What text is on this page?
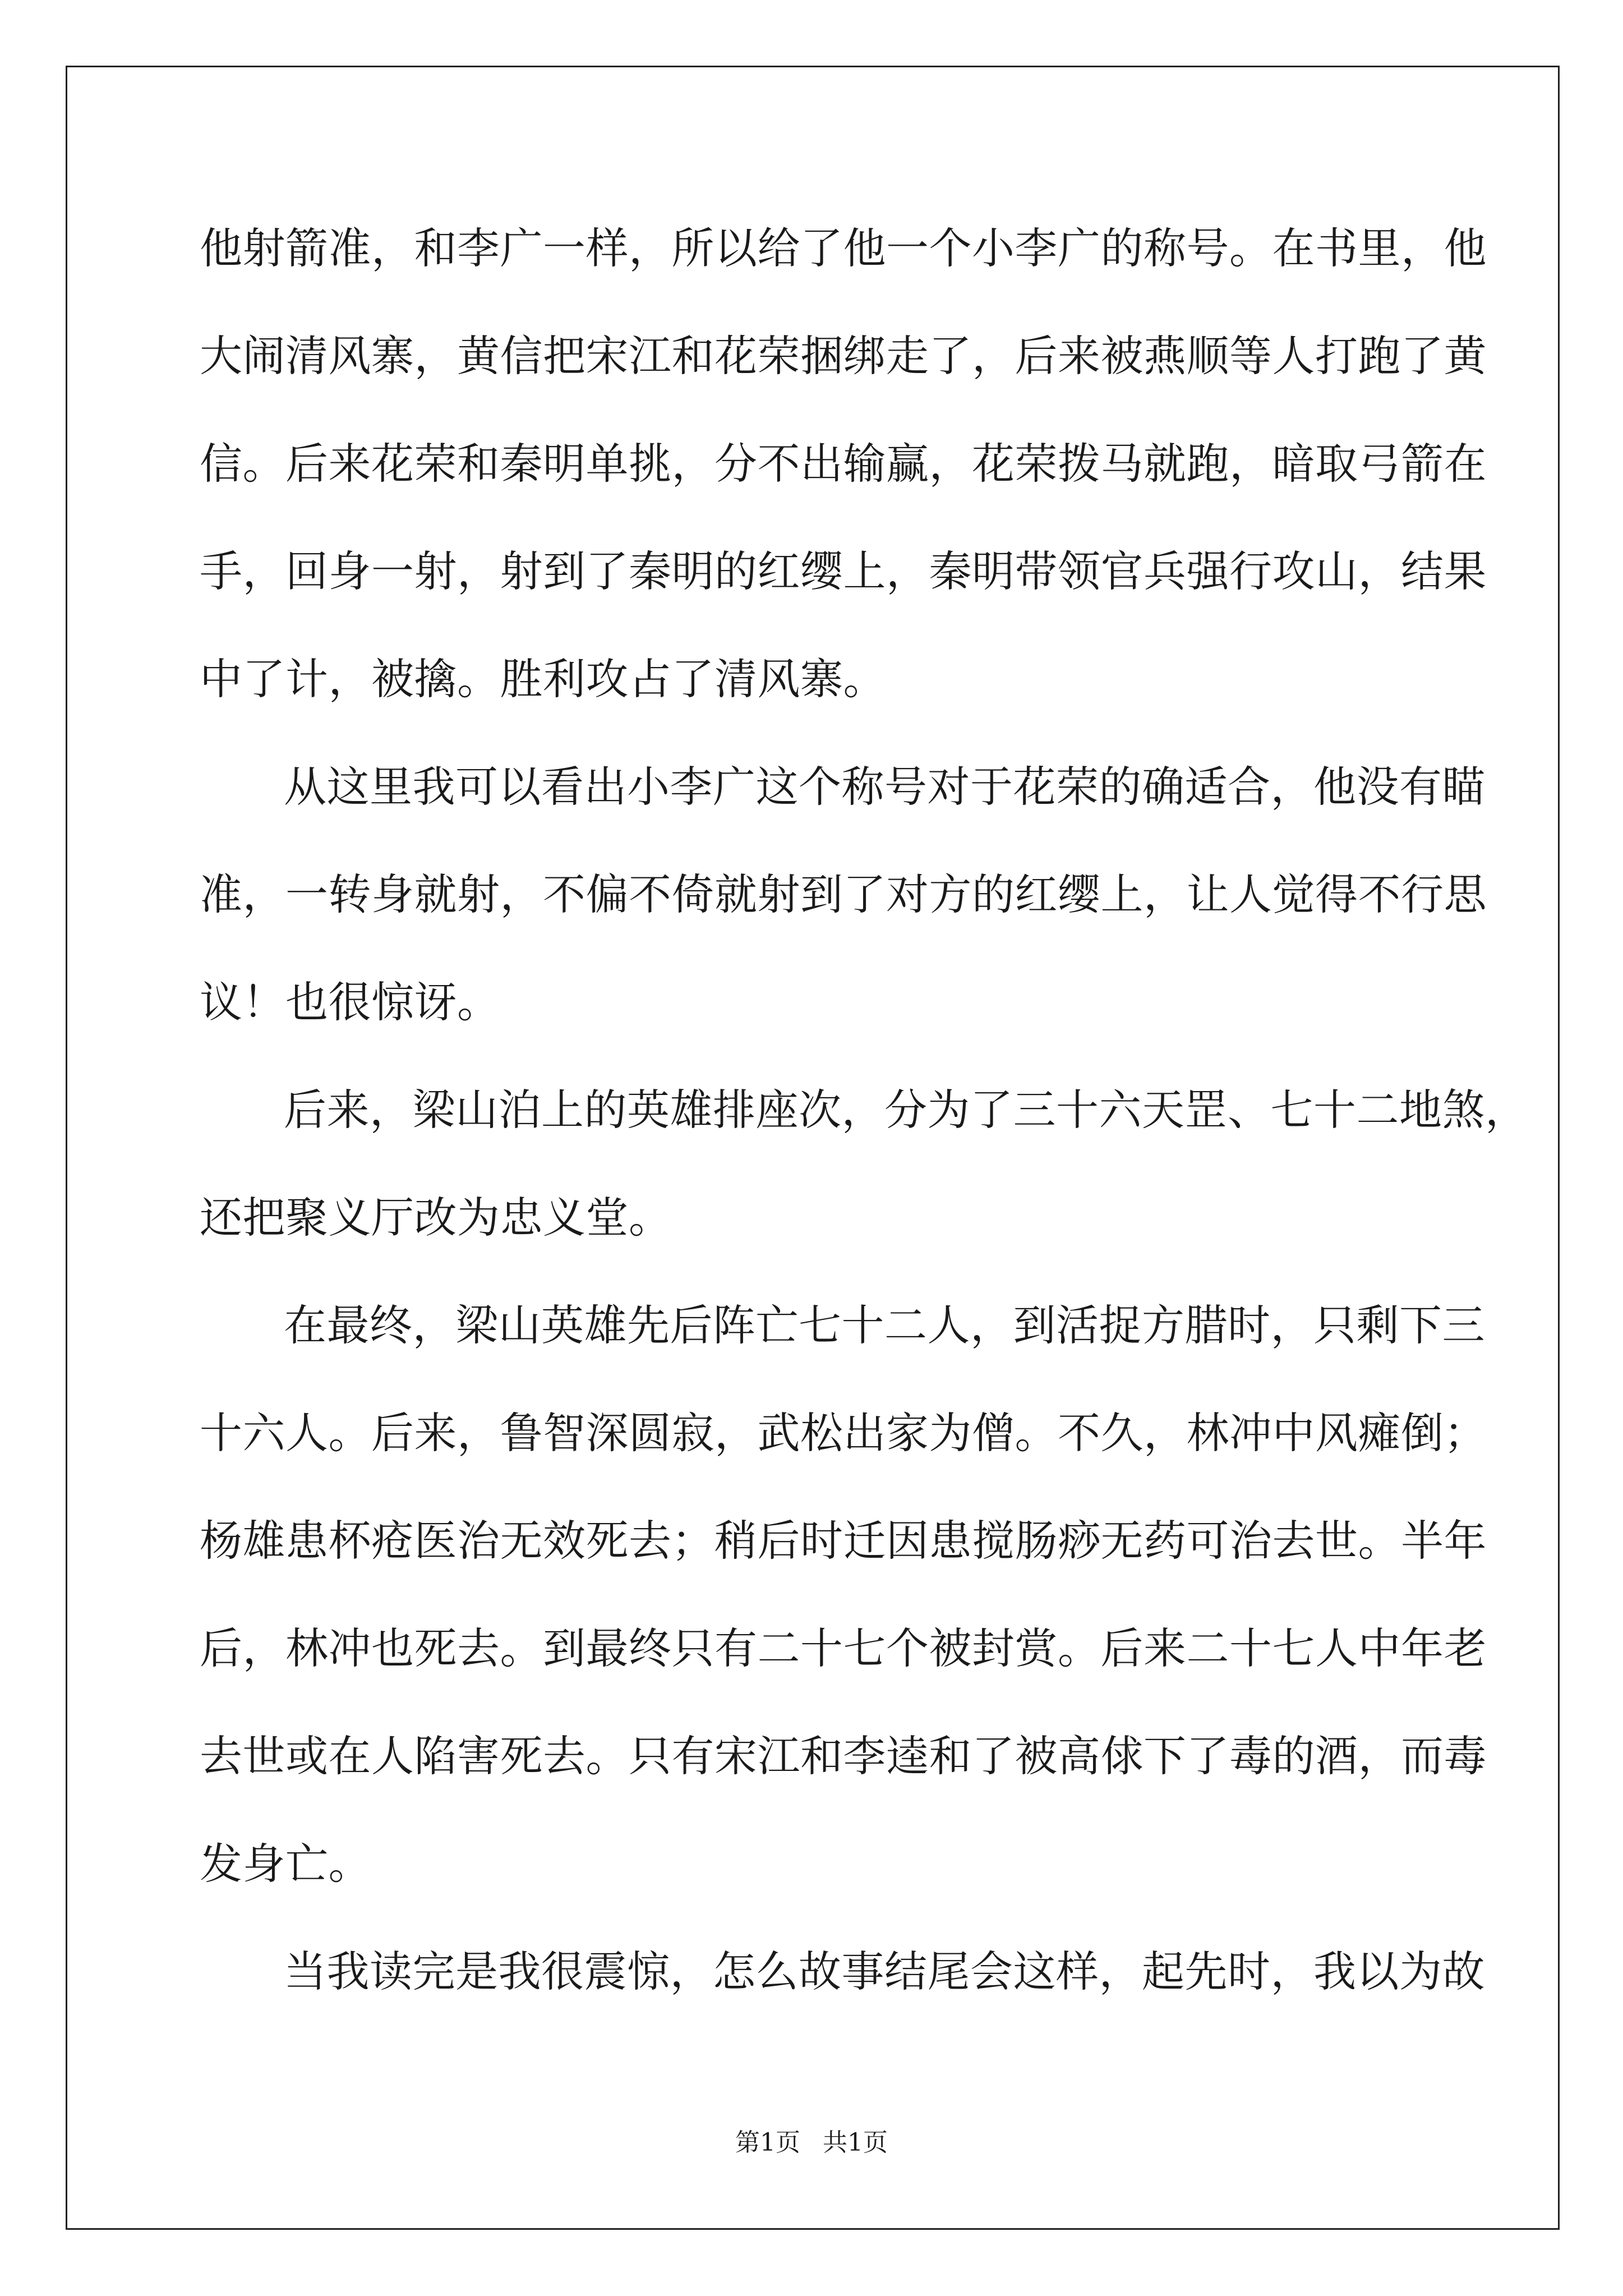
他射箭准，和李广一样，所以给了他一个小李广的称号。在书里，他
大闹清风寨，黄信把宋江和花荣捆绑走了，后来被燕顺等人打跑了黄
信。后来花荣和秦明单挑，分不出输赢，花荣拨马就跑，暗取弓箭在
手，回身一射，射到了秦明的红缨上，秦明带领官兵强行攻山，结果
中了计，被擒。胜利攻占了清风寨。
从这里我可以看出小李广这个称号对于花荣的确适合，他没有瞄
准，一转身就射，不偏不倚就射到了对方的红缨上，让人觉得不行思
议！也很惊讶。
后来，梁山泊上的英雄排座次，分为了三十六天罡、七十二地煞，
还把聚义厅改为忠义堂。
在最终，梁山英雄先后阵亡七十二人，到活捉方腊时，只剩下三
十六人。后来，鲁智深圆寂，武松出家为僧。不久，林冲中风瘫倒；
杨雄患杯疮医治无效死去；稍后时迁因患搅肠痧无药可治去世。半年
后，林冲也死去。到最终只有二十七个被封赏。后来二十七人中年老
去世或在人陷害死去。只有宋江和李逵和了被高俅下了毒的酒，而毒
发身亡。
当我读完是我很震惊，怎么故事结尾会这样，起先时，我以为故
第1页 共1页
